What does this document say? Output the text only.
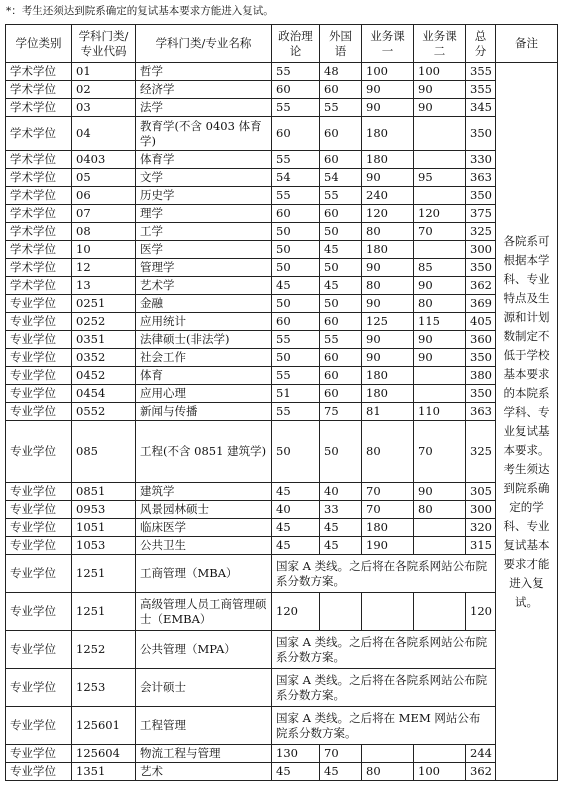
*：考生还须达到院系确定的复试基本要求方能进入复试。
学位类别	学科门类/专业代码	学科门类/专业名称	政治理论	外国语	业务课一	业务课二	总分	备注
学术学位	01	哲学	55	48	100	100	355	各院系可根据本学科、专业特点及生源和计划数制定不低于学校基本要求的本院系学科、专业复试基本要求。考生须达到院系确定的学科、专业复试基本要求才能进入复试。
学术学位	02	经济学	60	60	90	90	355	
学术学位	03	法学	55	55	90	90	345	
学术学位	04	教育学(不含 0403 体育学)	60	60	180		350	
学术学位	0403	体育学	55	60	180		330	
学术学位	05	文学	54	54	90	95	363	
学术学位	06	历史学	55	55	240		350	
学术学位	07	理学	60	60	120	120	375	
学术学位	08	工学	50	50	80	70	325	
学术学位	10	医学	50	45	180		300	
学术学位	12	管理学	50	50	90	85	350	
学术学位	13	艺术学	45	45	80	90	362	
专业学位	0251	金融	50	50	90	80	369	
专业学位	0252	应用统计	60	60	125	115	405	
专业学位	0351	法律硕士(非法学)	55	55	90	90	360	
专业学位	0352	社会工作	50	60	90	90	350	
专业学位	0452	体育	55	60	180		380	
专业学位	0454	应用心理	51	60	180		350	
专业学位	0552	新闻与传播	55	75	81	110	363	
专业学位	085	工程(不含 0851 建筑学)	50	50	80	70	325	
专业学位	0851	建筑学	45	40	70	90	305	
专业学位	0953	风景园林硕士	40	33	70	80	300	
专业学位	1051	临床医学	45	45	180		320	
专业学位	1053	公共卫生	45	45	190		315	
专业学位	1251	工商管理（MBA）	国家 A 类线。之后将在各院系网站公布院系分数方案。					
专业学位	1251	高级管理人员工商管理硕士（EMBA）	120				120	
专业学位	1252	公共管理（MPA）	国家 A 类线。之后将在各院系网站公布院系分数方案。					
专业学位	1253	会计硕士	国家 A 类线。之后将在各院系网站公布院系分数方案。					
专业学位	125601	工程管理	国家 A 类线。之后将在 MEM 网站公布院系分数方案。					
专业学位	125604	物流工程与管理	130	70			244	
专业学位	1351	艺术	45	45	80	100	362	
